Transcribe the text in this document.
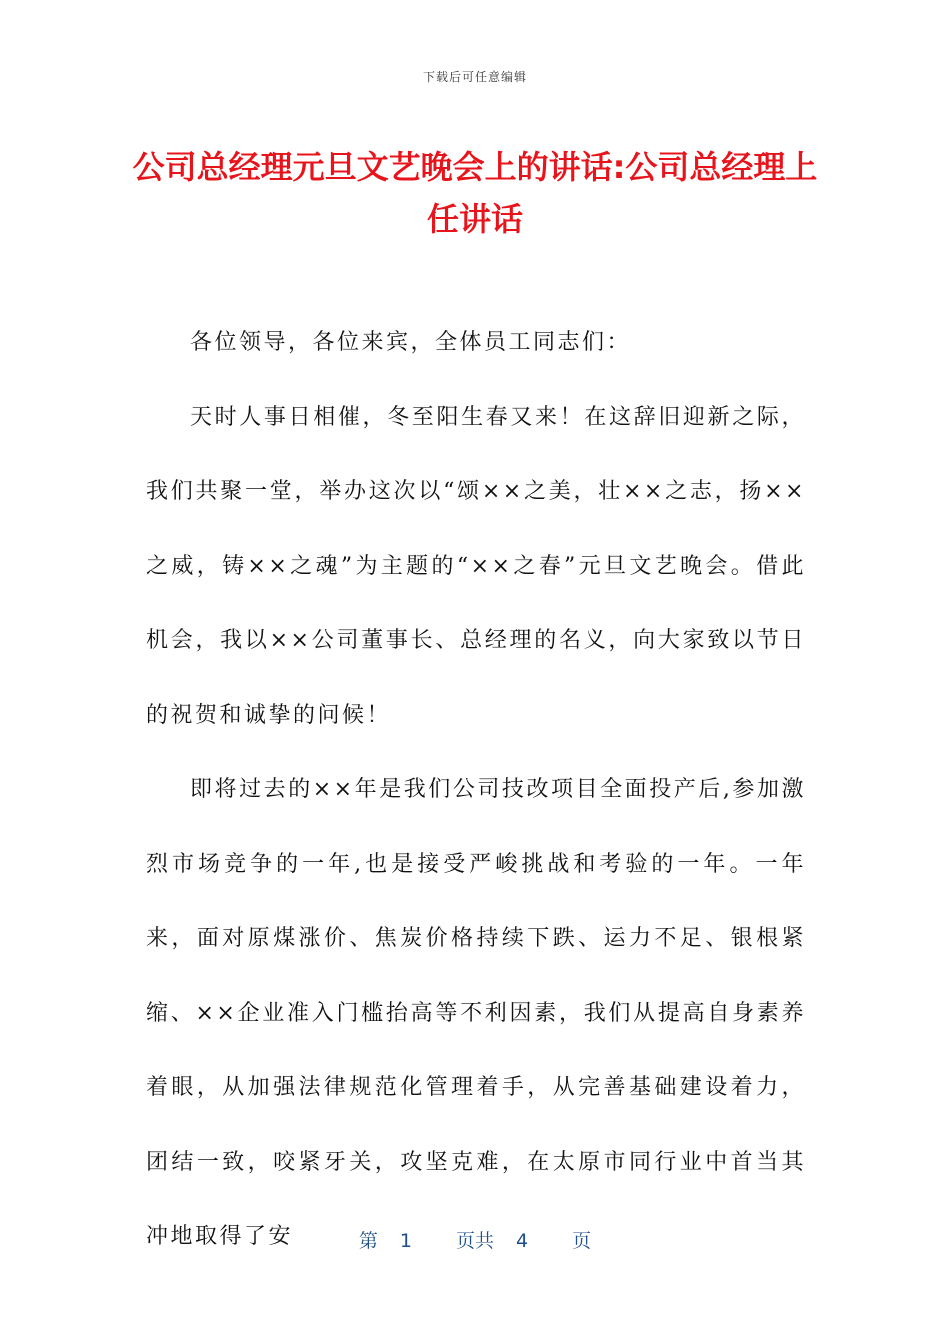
下载后可任意编辑
公司总经理元旦文艺晚会上的讲话:公司总经理上任讲话

各位领导，各位来宾，全体员工同志们：

天时人事日相催，冬至阳生春又来！在这辞旧迎新之际，我们共聚一堂，举办这次以“颂××之美，壮××之志，扬××之威，铸××之魂”为主题的“××之春”元旦文艺晚会。借此机会，我以××公司董事长、总经理的名义，向大家致以节日的祝贺和诚挚的问候！

即将过去的××年是我们公司技改项目全面投产后,参加激烈市场竞争的一年,也是接受严峻挑战和考验的一年。一年来，面对原煤涨价、焦炭价格持续下跌、运力不足、银根紧缩、××企业准入门槛抬高等不利因素，我们从提高自身素养着眼，从加强法律规范化管理着手，从完善基础建设着力，团结一致，咬紧牙关，攻坚克难，在太原市同行业中首当其冲地取得了安	第 1 页共 4 页
